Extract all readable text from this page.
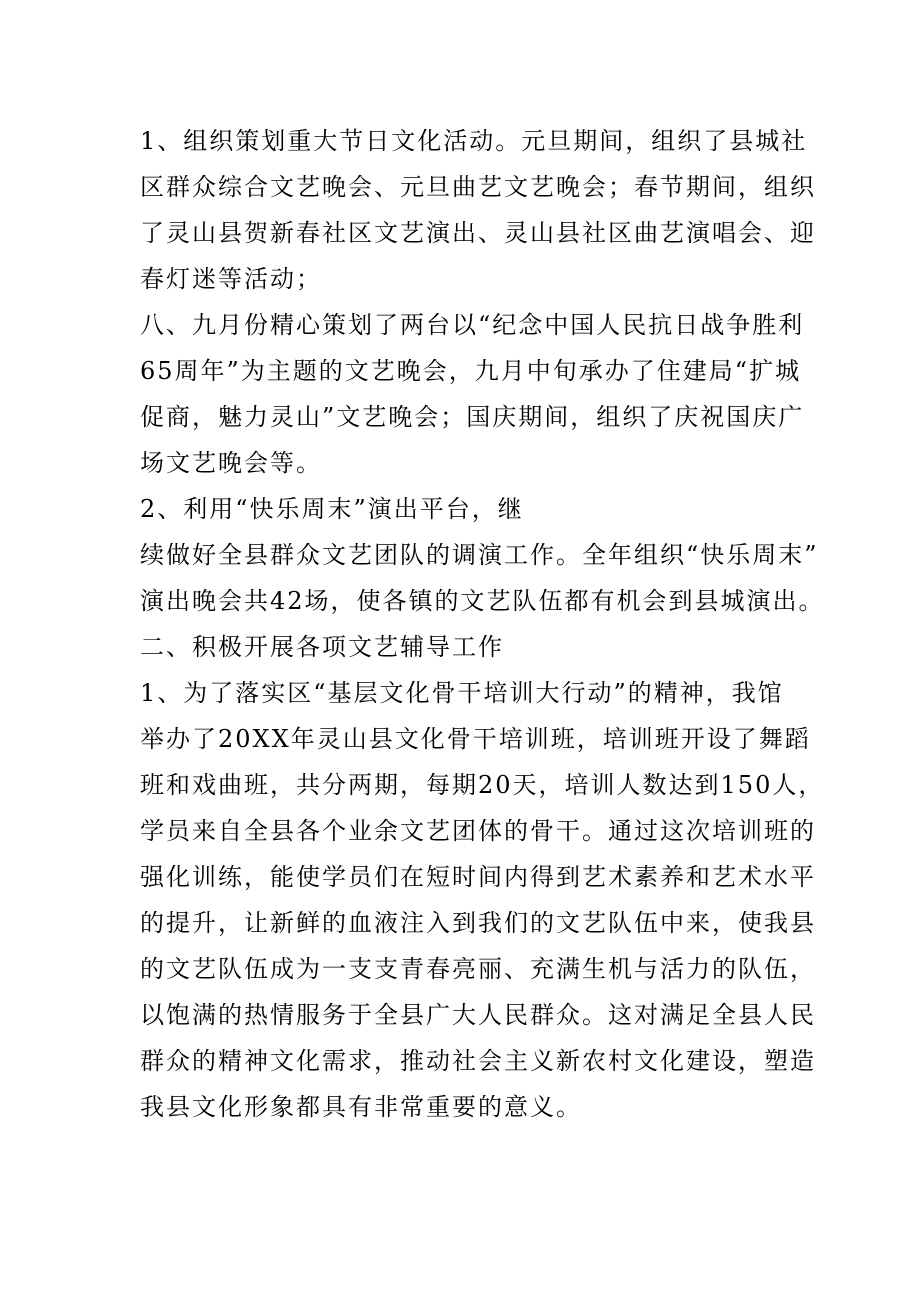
1、组织策划重大节日文化活动。元旦期间，组织了县城社
区群众综合文艺晚会、元旦曲艺文艺晚会；春节期间，组织
了灵山县贺新春社区文艺演出、灵山县社区曲艺演唱会、迎
春灯迷等活动；
八、九月份精心策划了两台以“纪念中国人民抗日战争胜利
65周年”为主题的文艺晚会，九月中旬承办了住建局“扩城
促商，魅力灵山”文艺晚会；国庆期间，组织了庆祝国庆广
场文艺晚会等。
2、利用“快乐周末”演出平台，继
续做好全县群众文艺团队的调演工作。全年组织“快乐周末”
演出晚会共42场，使各镇的文艺队伍都有机会到县城演出。
二、积极开展各项文艺辅导工作
1、为了落实区“基层文化骨干培训大行动”的精神，我馆
举办了20XX年灵山县文化骨干培训班，培训班开设了舞蹈
班和戏曲班，共分两期，每期20天，培训人数达到150人，
学员来自全县各个业余文艺团体的骨干。通过这次培训班的
强化训练，能使学员们在短时间内得到艺术素养和艺术水平
的提升，让新鲜的血液注入到我们的文艺队伍中来，使我县
的文艺队伍成为一支支青春亮丽、充满生机与活力的队伍，
以饱满的热情服务于全县广大人民群众。这对满足全县人民
群众的精神文化需求，推动社会主义新农村文化建设，塑造
我县文化形象都具有非常重要的意义。
